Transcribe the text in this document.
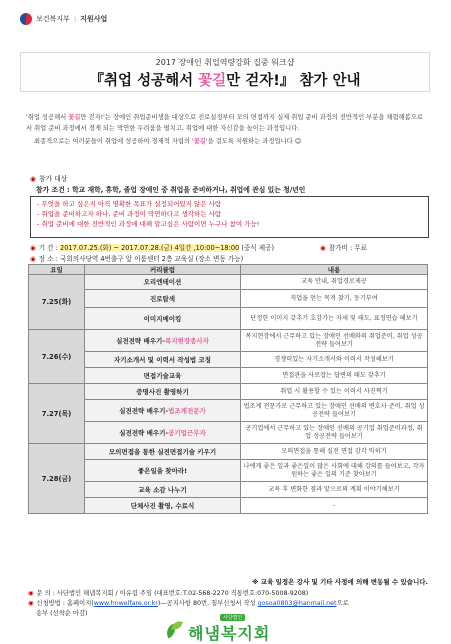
보건복지부 | 지원사업
2017 장애인 취업역량강화 집중 워크샵
『취업 성공해서 꽃길만 걷자!』 참가 안내

'취업 성공해서 꽃길만 걷자!'는 장애인 취업준비생을 대상으로 진로설정부터 모의 면접까지 실제 취업 준비 과정의 전반적인 부분을 체험해봄으로서 취업 준비 과정에서 경게 되는 막연한 두려움을 떨치고, 취업에 대한 자신감을 높이는 과정입니다.

최종적으로는 여러분들이 취업에 성공하여 경제적 자립의 '꽃길'을 걸도록 지원하는 과정입니다 ☺

◉ 참가 대상
참가 조건 : 학교 재학, 휴학, 졸업 장애인 중 취업을 준비하거나, 취업에 관심 있는 청/년인
- 무엇을 하고 싶은지 아직 명확한 목표가 설정되어있지 않은 사람
- 취업을 준비하고자 하나, 준비 과정이 막연하다고 생각하는 사람
- 취업 준비에 대한 전반적인 과정에 대해 알고싶은 사람이면 누구나 참여 가능!
◉ 기 간 : 2017.07.25.(화) ~ 2017.07.28.(금) 4일간 ,10:00~18:00 (중식 제공)	◉ 참가비 : 무료
◉ 장 소 : 국회의사당역 4번출구 앞 이룸센터 2층 교육실 (장소 변동 가능)
요일	커리큘럼	내용
7.25(화)	오리엔테이션	교육 안내, 취업경로제공
	진로탐색	직업을 얻는 목적 찾기, 동기부여
	이미지메이킹	단정한 이미지 갖추기 호감가는 자세 및 태도, 표정연습 해보기
7.26(수)	실전전략 배우기-복지현장종사자	복지현장에서 근무하고 있는 장애인 선배와의 취업준비, 취업 성공전략 들어보기
	자기소개서 및 이력서 작성법 코칭	경쟁력있는 자기소개서와 이력서 작성해보기
	면접기술교육	면접관을 사로잡는 답변의 태도 갖추기
7.27(목)	증명사진 촬영하기	취업 시 활용할 수 있는 이력서 사진찍기
	실전전략 배우기-법조계전문가	법조계 전문가로 근무하고 있는 장애인 선배의 변호사 준비, 취업 성공전략 들어보기
	실전전략 배우기-공기업근무자	공기업에서 근무하고 있는 장애인 선배의 공기업 취업준비과정, 취업 성공전략 들어보기
7.28(금)	모의면접을 통한 실전면접기술 키우기	모의면접을 통해 실전 면접 감각 익히기
	좋은일을 찾아라!	나에게 좋은 일과 좋은일이 많은 사회에 대해 강의를 들어보고, 각자 원하는 좋은 일의 기준 찾아보기
	교육 소감 나누기	교육 후 변화한 점과 앞으로의 계획 이야기해보기
	단체사진 촬영, 수료식	-
※ 교육 일정은 강사 및 기타 사정에 의해 변동될 수 있습니다.
◉ 문 의 : 사단법인 해냄복지회 / 이유림 주임 (대표번호:T.02-568-2270 직통번호:070-5008-9208)
◉ 신청방법 : 홈페이지(www.hnwelfare.or.kr)—공지사항 80번, 첨부신청서 작성 gosoa0803@hanmail.net으로
송부 (선착순 마감)
사단법인
해냄복지회
